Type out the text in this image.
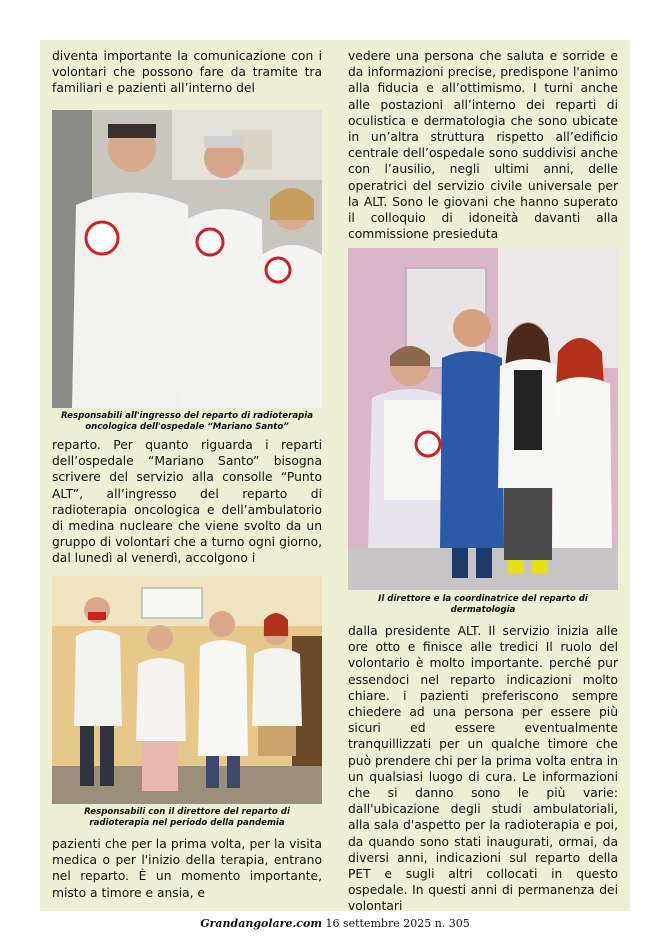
diventa importante la comunicazione con i volontari che possono fare da tramite tra familiari e pazienti all’interno del

Responsabili all'ingresso del reparto di radioterapia oncologica dell'ospedale “Mariano Santo”

reparto. Per quanto riguarda i reparti dell’ospedale “Mariano Santo” bisogna scrivere del servizio alla consolle “Punto ALT”, all’ingresso del reparto di radioterapia oncologica e dell’ambulatorio di medina nucleare che viene svolto da un gruppo di volontari che a turno ogni giorno, dal lunedì al venerdì, accolgono i

Responsabili con il direttore del reparto di radioterapia nel periodo della pandemia

pazienti che per la prima volta, per la visita medica o per l'inizio della terapia, entrano nel reparto. È un momento importante, misto a timore e ansia, e

vedere una persona che saluta e sorride e da informazioni precise, predispone l'animo alla fiducia e all’ottimismo. I turni anche alle postazioni all’interno dei reparti di oculistica e dermatologia che sono ubicate in un’altra struttura rispetto all’edificio centrale dell’ospedale sono suddivisi anche con l’ausilio, negli ultimi anni, delle operatrici del servizio civile universale per la ALT. Sono le giovani che hanno superato il colloquio di idoneità davanti alla commissione presieduta

Il direttore e la coordinatrice del reparto di dermatologia

dalla presidente ALT. Il servizio inizia alle ore otto e finisce alle tredici Il ruolo del volontario è molto importante. perché pur essendoci nel reparto indicazioni molto chiare. i pazienti preferiscono sempre chiedere ad una persona per essere più sicuri ed essere eventualmente tranquillizzati per un qualche timore che può prendere chi per la prima volta entra in un qualsiasi luogo di cura. Le informazioni che si danno sono le più varie: dall'ubicazione degli studi ambulatoriali, alla sala d'aspetto per la radioterapia e poi, da quando sono stati inaugurati, ormai, da diversi anni, indicazioni sul reparto della PET e sugli altri collocati in questo ospedale. In questi anni di permanenza dei volontari

Grandangolare.com 16 settembre 2025 n. 305
